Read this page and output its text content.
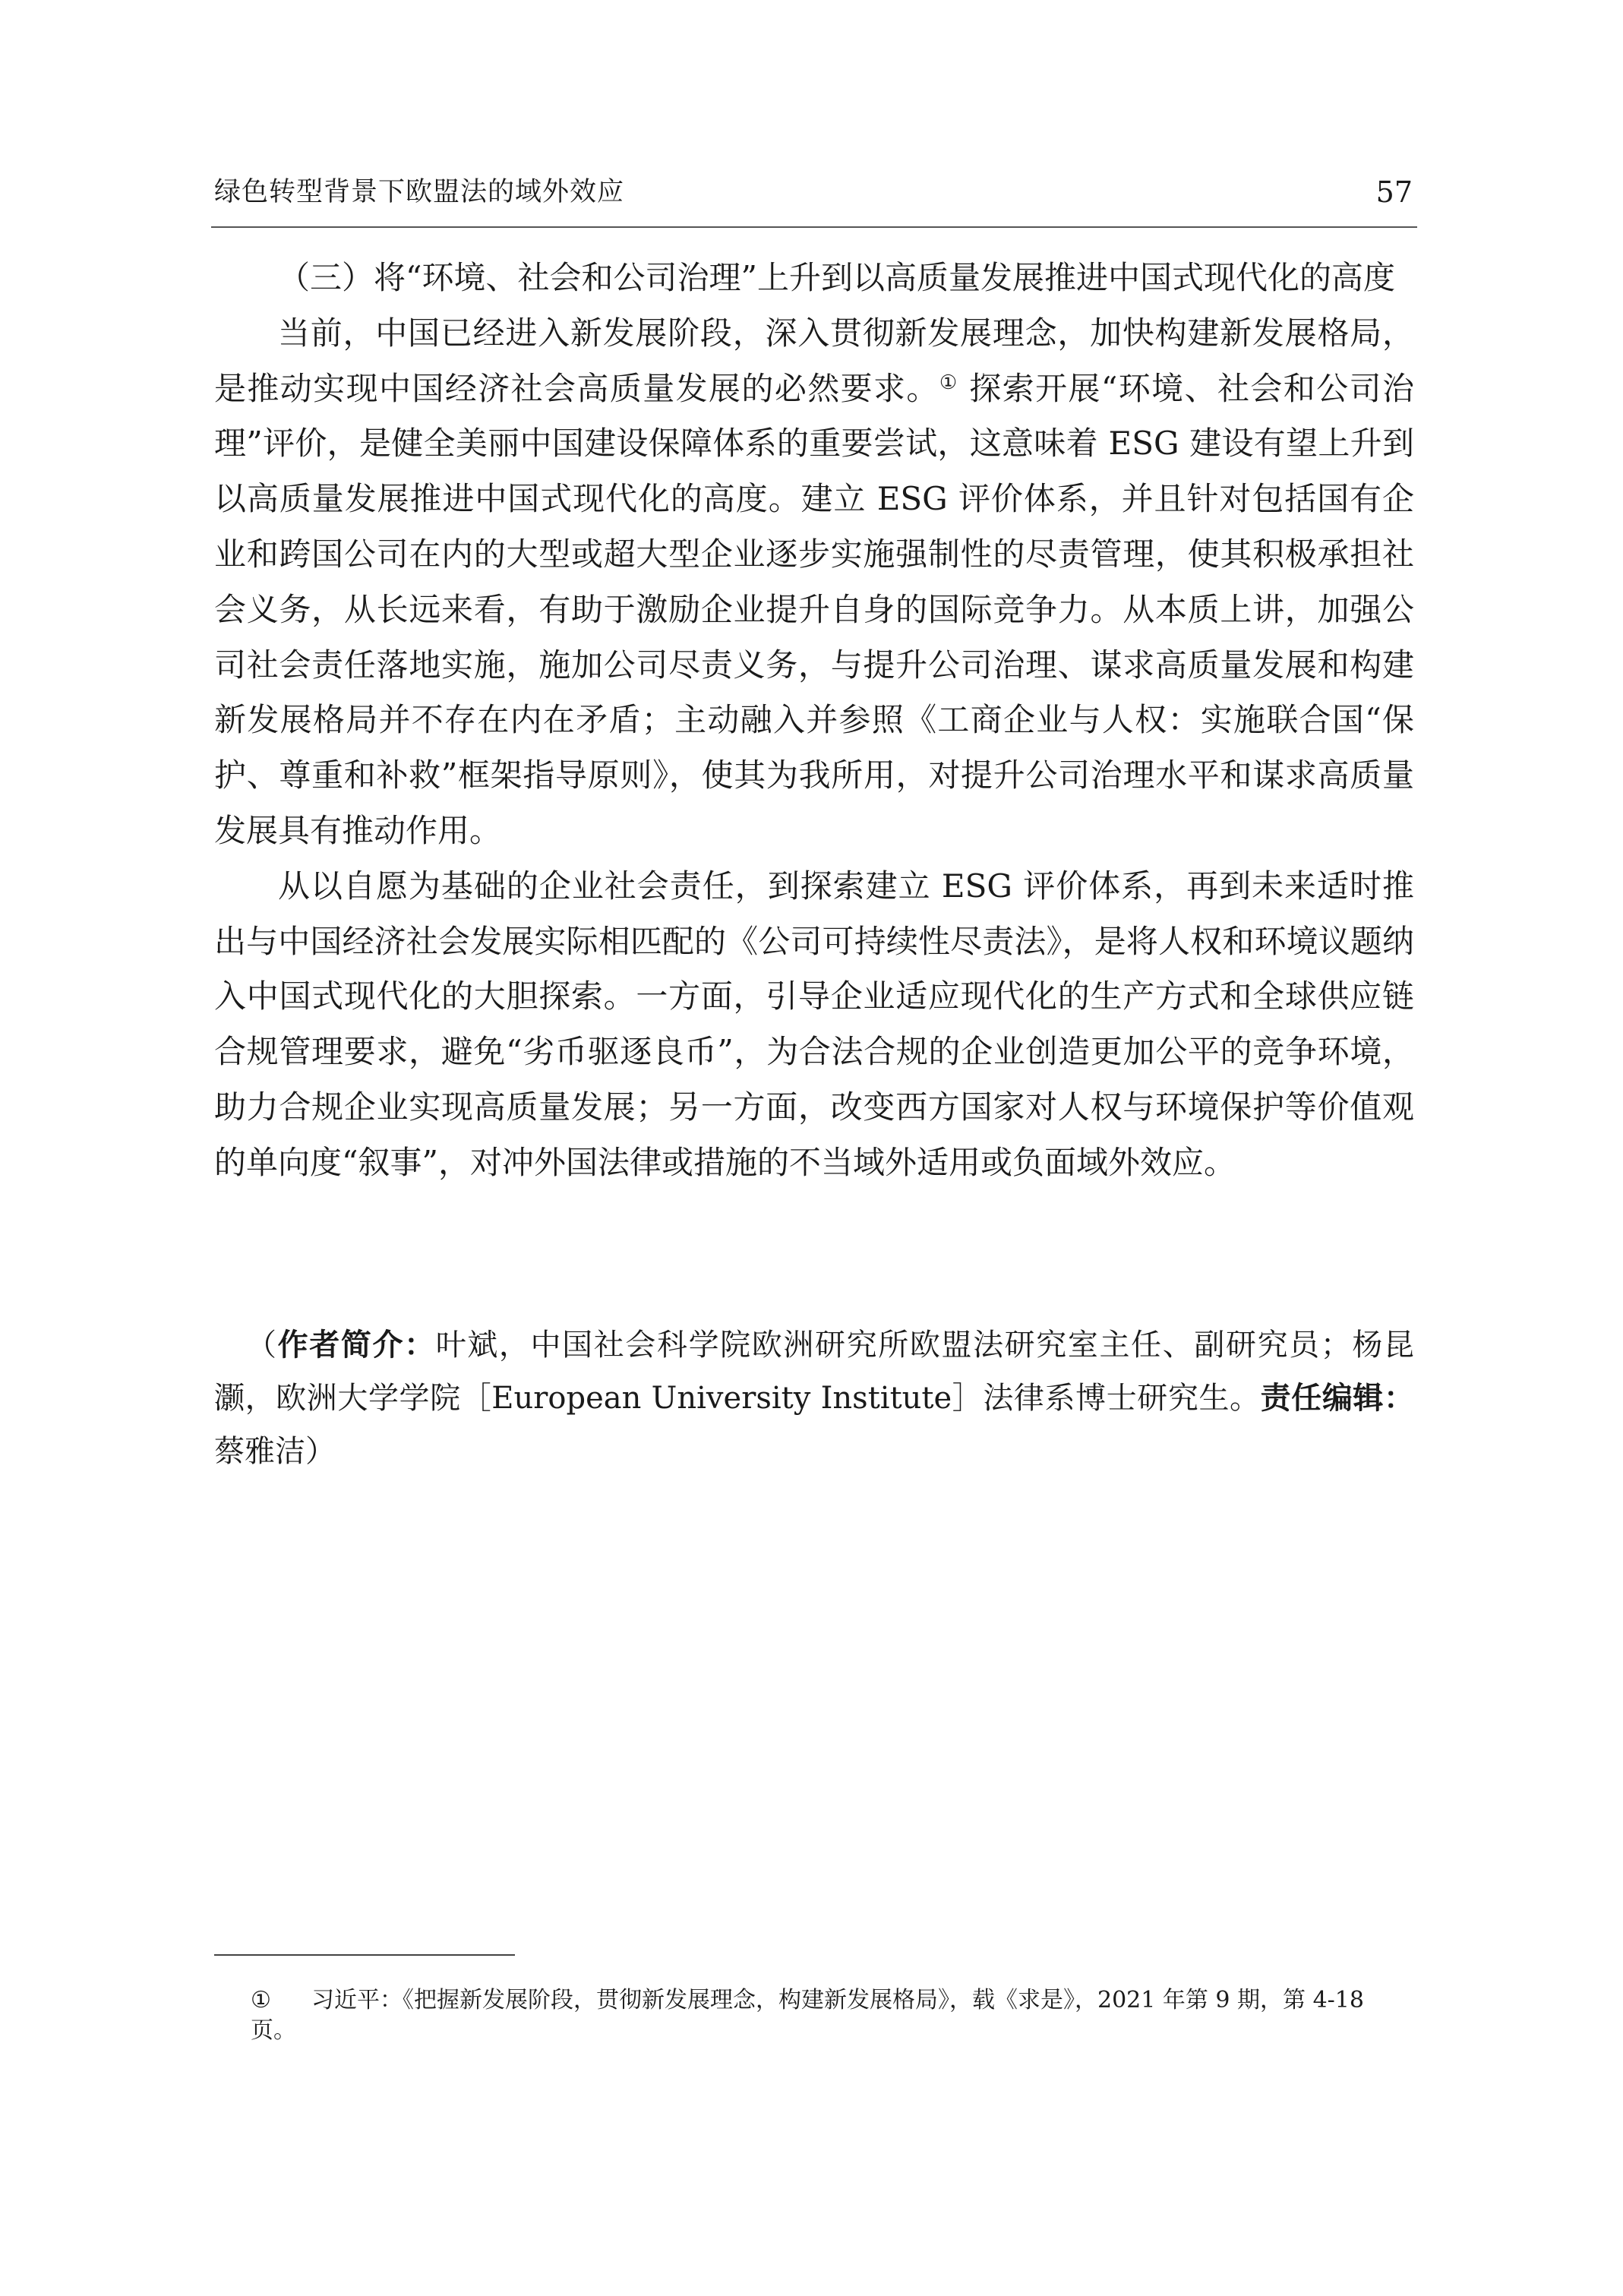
绿色转型背景下欧盟法的域外效应	57

（三）将“环境、社会和公司治理”上升到以高质量发展推进中国式现代化的高度

当前，中国已经进入新发展阶段，深入贯彻新发展理念，加快构建新发展格局，是推动实现中国经济社会高质量发展的必然要求。① 探索开展“环境、社会和公司治理”评价，是健全美丽中国建设保障体系的重要尝试，这意味着 ESG 建设有望上升到以高质量发展推进中国式现代化的高度。建立 ESG 评价体系，并且针对包括国有企业和跨国公司在内的大型或超大型企业逐步实施强制性的尽责管理，使其积极承担社会义务，从长远来看，有助于激励企业提升自身的国际竞争力。从本质上讲，加强公司社会责任落地实施，施加公司尽责义务，与提升公司治理、谋求高质量发展和构建新发展格局并不存在内在矛盾；主动融入并参照《工商企业与人权：实施联合国“保护、尊重和补救”框架指导原则》，使其为我所用，对提升公司治理水平和谋求高质量发展具有推动作用。

从以自愿为基础的企业社会责任，到探索建立 ESG 评价体系，再到未来适时推出与中国经济社会发展实际相匹配的《公司可持续性尽责法》，是将人权和环境议题纳入中国式现代化的大胆探索。一方面，引导企业适应现代化的生产方式和全球供应链合规管理要求，避免“劣币驱逐良币”，为合法合规的企业创造更加公平的竞争环境，助力合规企业实现高质量发展；另一方面，改变西方国家对人权与环境保护等价值观的单向度“叙事”，对冲外国法律或措施的不当域外适用或负面域外效应。

（作者简介：叶斌，中国社会科学院欧洲研究所欧盟法研究室主任、副研究员；杨昆灏，欧洲大学学院［European University Institute］法律系博士研究生。责任编辑：蔡雅洁）

① 习近平：《把握新发展阶段，贯彻新发展理念，构建新发展格局》，载《求是》，2021 年第 9 期，第 4-18 页。
